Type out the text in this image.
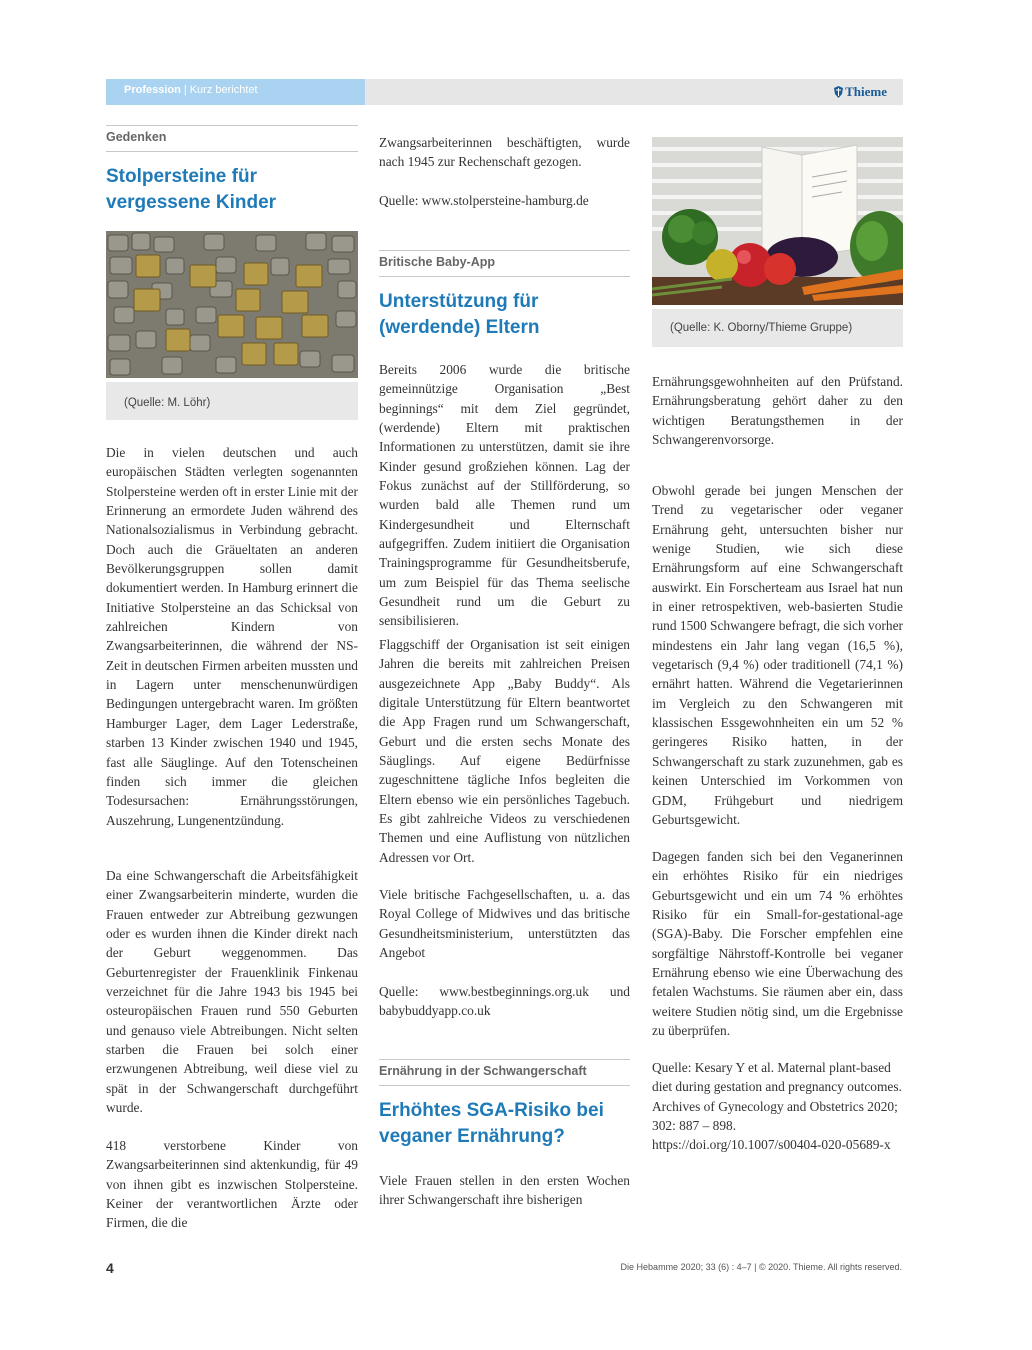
Profession | Kurz berichtet	Thieme
Gedenken
Stolpersteine für vergessene Kinder
(Quelle: M. Löhr)

Die in vielen deutschen und auch europäischen Städten verlegten sogenannten Stolpersteine werden oft in erster Linie mit der Erinnerung an ermordete Juden während des Nationalsozialismus in Verbindung gebracht. Doch auch die Gräueltaten an anderen Bevölkerungsgruppen sollen damit dokumentiert werden. In Hamburg erinnert die Initiative Stolpersteine an das Schicksal von zahlreichen Kindern von Zwangsarbeiterinnen, die während der NS-Zeit in deutschen Firmen arbeiten mussten und in Lagern unter menschenunwürdigen Bedingungen untergebracht waren. Im größten Hamburger Lager, dem Lager Lederstraße, starben 13 Kinder zwischen 1940 und 1945, fast alle Säuglinge. Auf den Totenscheinen finden sich immer die gleichen Todesursachen: Ernährungsstörungen, Auszehrung, Lungenentzündung.

Da eine Schwangerschaft die Arbeitsfähigkeit einer Zwangsarbeiterin minderte, wurden die Frauen entweder zur Abtreibung gezwungen oder es wurden ihnen die Kinder direkt nach der Geburt weggenommen. Das Geburtenregister der Frauenklinik Finkenau verzeichnet für die Jahre 1943 bis 1945 bei osteuropäischen Frauen rund 550 Geburten und genauso viele Abtreibungen. Nicht selten starben die Frauen bei solch einer erzwungenen Abtreibung, weil diese viel zu spät in der Schwangerschaft durchgeführt wurde.

418 verstorbene Kinder von Zwangsarbeiterinnen sind aktenkundig, für 49 von ihnen gibt es inzwischen Stolpersteine. Keiner der verantwortlichen Ärzte oder Firmen, die die

Zwangsarbeiterinnen beschäftigten, wurde nach 1945 zur Rechenschaft gezogen.

Quelle: www.stolpersteine-hamburg.de

Britische Baby-App
Unterstützung für (werdende) Eltern

Bereits 2006 wurde die britische gemeinnützige Organisation „Best beginnings“ mit dem Ziel gegründet, (werdende) Eltern mit praktischen Informationen zu unterstützen, damit sie ihre Kinder gesund großziehen können. Lag der Fokus zunächst auf der Stillförderung, so wurden bald alle Themen rund um Kindergesundheit und Elternschaft aufgegriffen. Zudem initiiert die Organisation Trainingsprogramme für Gesundheitsberufe, um zum Beispiel für das Thema seelische Gesundheit rund um die Geburt zu sensibilisieren.

Flaggschiff der Organisation ist seit einigen Jahren die bereits mit zahlreichen Preisen ausgezeichnete App „Baby Buddy“. Als digitale Unterstützung für Eltern beantwortet die App Fragen rund um Schwangerschaft, Geburt und die ersten sechs Monate des Säuglings. Auf eigene Bedürfnisse zugeschnittene tägliche Infos begleiten die Eltern ebenso wie ein persönliches Tagebuch. Es gibt zahlreiche Videos zu verschiedenen Themen und eine Auflistung von nützlichen Adressen vor Ort.

Viele britische Fachgesellschaften, u. a. das Royal College of Midwives und das britische Gesundheitsministerium, unterstützten das Angebot

Quelle: www.bestbeginnings.org.uk und babybuddyapp.co.uk

Ernährung in der Schwangerschaft
Erhöhtes SGA-Risiko bei veganer Ernährung?

Viele Frauen stellen in den ersten Wochen ihrer Schwangerschaft ihre bisherigen

(Quelle: K. Oborny/Thieme Gruppe)

Ernährungsgewohnheiten auf den Prüfstand. Ernährungsberatung gehört daher zu den wichtigen Beratungsthemen in der Schwangerenvorsorge.

Obwohl gerade bei jungen Menschen der Trend zu vegetarischer oder veganer Ernährung geht, untersuchten bisher nur wenige Studien, wie sich diese Ernährungsform auf eine Schwangerschaft auswirkt. Ein Forscherteam aus Israel hat nun in einer retrospektiven, web-basierten Studie rund 1500 Schwangere befragt, die sich vorher mindestens ein Jahr lang vegan (16,5 %), vegetarisch (9,4 %) oder traditionell (74,1 %) ernährt hatten. Während die Vegetarierinnen im Vergleich zu den Schwangeren mit klassischen Essgewohnheiten ein um 52 % geringeres Risiko hatten, in der Schwangerschaft zu stark zuzunehmen, gab es keinen Unterschied im Vorkommen von GDM, Frühgeburt und niedrigem Geburtsgewicht.

Dagegen fanden sich bei den Veganerinnen ein erhöhtes Risiko für ein niedriges Geburtsgewicht und ein um 74 % erhöhtes Risiko für ein Small-for-gestational-age (SGA)-Baby. Die Forscher empfehlen eine sorgfältige Nährstoff-Kontrolle bei veganer Ernährung ebenso wie eine Überwachung des fetalen Wachstums. Sie räumen aber ein, dass weitere Studien nötig sind, um die Ergebnisse zu überprüfen.

Quelle: Kesary Y et al. Maternal plant-based diet during gestation and pregnancy outcomes. Archives of Gynecology and Obstetrics 2020; 302: 887 – 898. https://doi.org/10.1007/s00404-020-05689-x

4	Die Hebamme 2020; 33 (6) : 4–7 | © 2020. Thieme. All rights reserved.
